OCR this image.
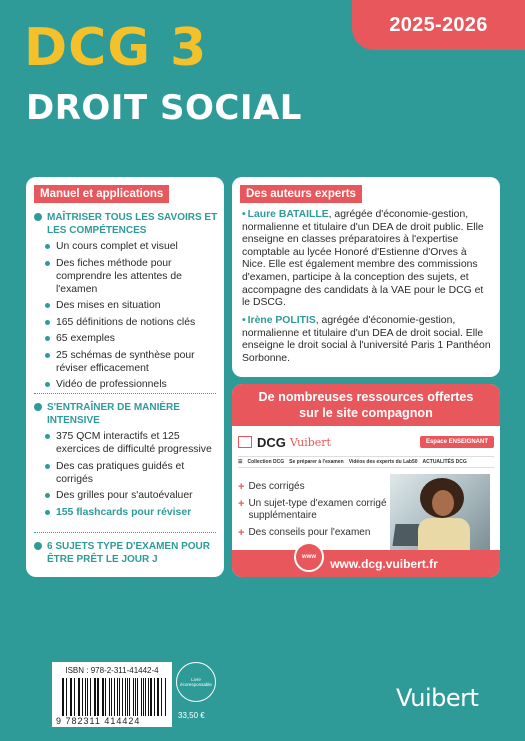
2025-2026
DCG 3
DROIT SOCIAL
Manuel et applications
MAÎTRISER TOUS LES SAVOIRS ET LES COMPÉTENCES
Un cours complet et visuel
Des fiches méthode pour comprendre les attentes de l'examen
Des mises en situation
165 définitions de notions clés
65 exemples
25 schémas de synthèse pour réviser efficacement
Vidéo de professionnels
S'ENTRAÎNER DE MANIÈRE INTENSIVE
375 QCM interactifs et 125 exercices de difficulté progressive
Des cas pratiques guidés et corrigés
Des grilles pour s'autoévaluer
155 flashcards pour réviser
6 SUJETS TYPE D'EXAMEN POUR ÊTRE PRÊT LE JOUR J
Des auteurs experts
• Laure BATAILLE, agrégée d'économie-gestion, normalienne et titulaire d'un DEA de droit public. Elle enseigne en classes préparatoires à l'expertise comptable au lycée Honoré d'Estienne d'Orves à Nice. Elle est également membre des commissions d'examen, participe à la conception des sujets, et accompagne des candidats à la VAE pour le DCG et le DSCG.
• Irène POLITIS, agrégée d'économie-gestion, normalienne et titulaire d'un DEA de droit social. Elle enseigne le droit social à l'université Paris 1 Panthéon Sorbonne.
De nombreuses ressources offertes
sur le site compagnon
DCG Vuibert	Espace ENSEIGNANT
☰ Collection DCG Se préparer à l'examen Vidéos des experts du Lab50 ACTUALITÉS DCG
+ Des corrigés
+ Un sujet-type d'examen corrigé supplémentaire
+ Des conseils pour l'examen
www.dcg.vuibert.fr
www
ISBN : 978-2-311-41442-4
9 782311 414424
Livre écoresponsable
33,50 €
Vuibert
